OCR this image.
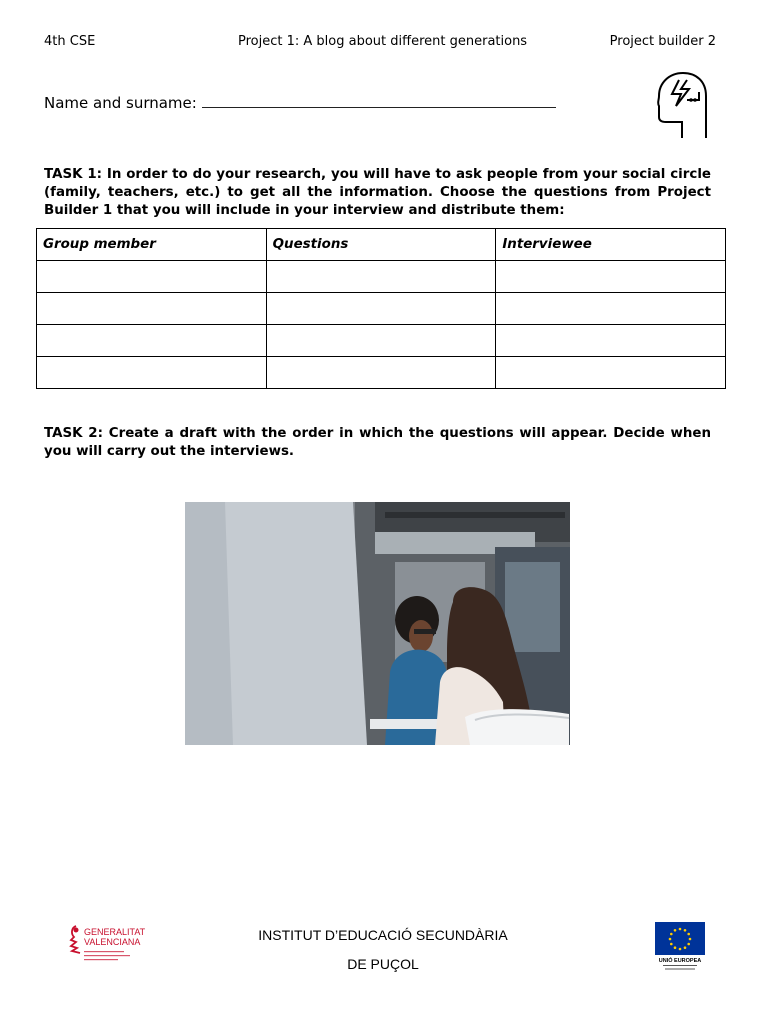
4th CSE	Project 1: A blog about different generations	Project builder 2
Name and surname:
TASK 1: In order to do your research, you will have to ask people from your social circle (family, teachers, etc.) to get all the information. Choose the questions from Project Builder 1 that you will include in your interview and distribute them:
Group member	Questions	Interviewee

TASK 2: Create a draft with the order in which the questions will appear. Decide when you will carry out the interviews.
GENERALITAT
VALENCIANA	INSTITUT D’EDUCACIÓ SECUNDÀRIA
DE PUÇOL	UNIÓ EUROPEA
